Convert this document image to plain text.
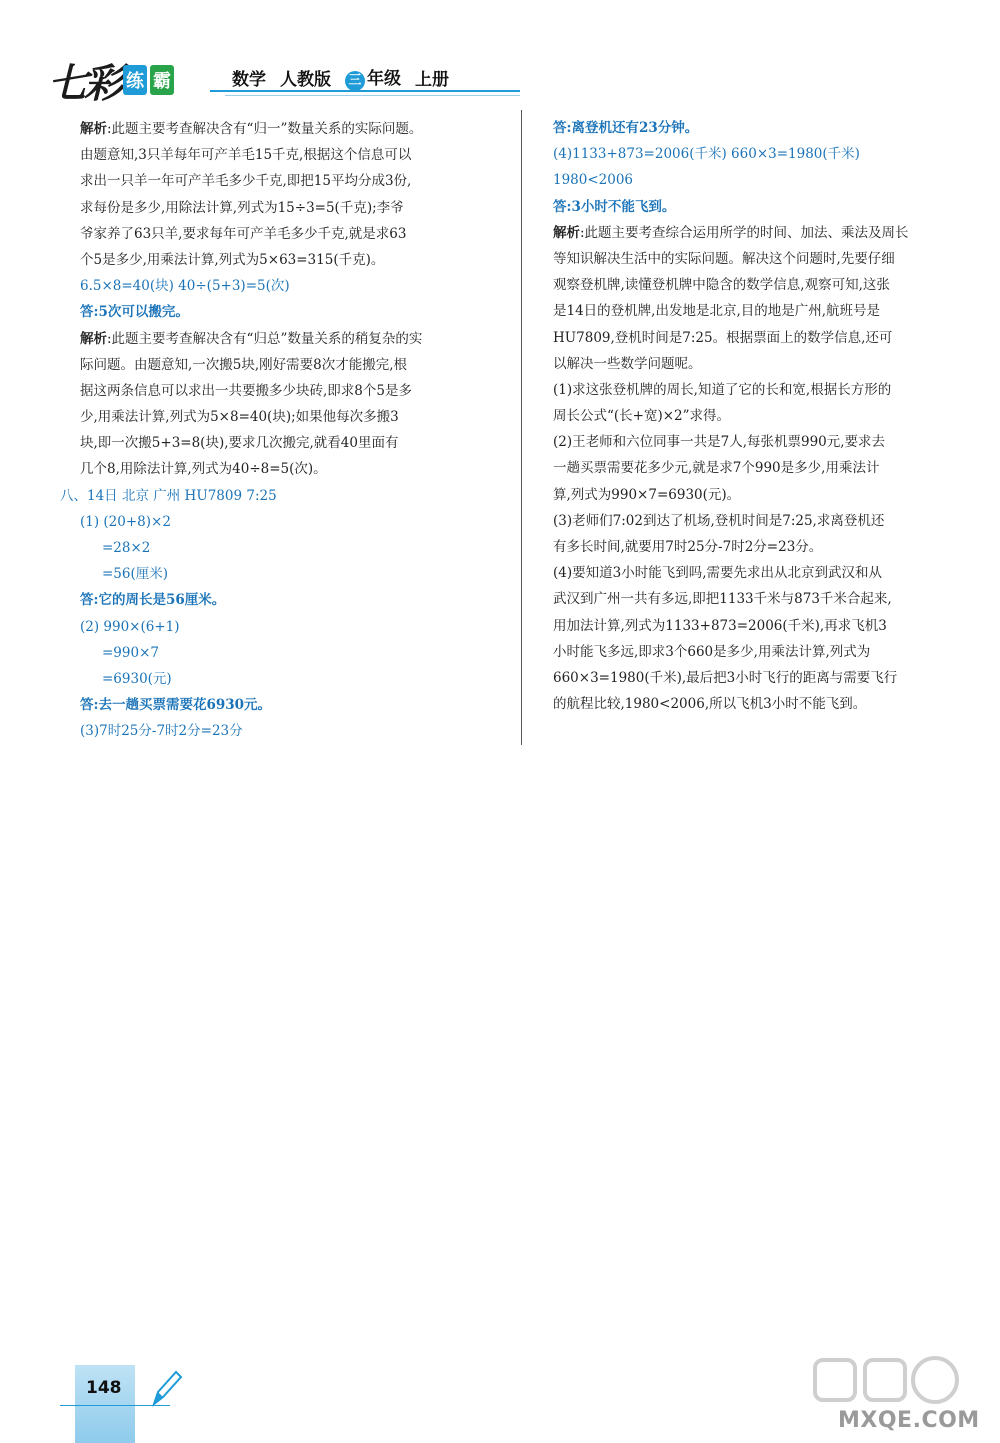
七彩 练 霸	数学 人教版 三 年级 上册
解析:此题主要考查解决含有“归一”数量关系的实际问题。
由题意知,3只羊每年可产羊毛15千克,根据这个信息可以
求出一只羊一年可产羊毛多少千克,即把15平均分成3份,
求每份是多少,用除法计算,列式为15÷3=5(千克);李爷
爷家养了63只羊,要求每年可产羊毛多少千克,就是求63
个5是多少,用乘法计算,列式为5×63=315(千克)。
6.5×8=40(块) 40÷(5+3)=5(次)
答:5次可以搬完。
解析:此题主要考查解决含有“归总”数量关系的稍复杂的实
际问题。由题意知,一次搬5块,刚好需要8次才能搬完,根
据这两条信息可以求出一共要搬多少块砖,即求8个5是多
少,用乘法计算,列式为5×8=40(块);如果他每次多搬3
块,即一次搬5+3=8(块),要求几次搬完,就看40里面有
几个8,用除法计算,列式为40÷8=5(次)。
八、14日 北京 广州 HU7809 7:25
(1) (20+8)×2
=28×2
=56(厘米)
答:它的周长是56厘米。
(2) 990×(6+1)
=990×7
=6930(元)
答:去一趟买票需要花6930元。
(3)7时25分-7时2分=23分
答:离登机还有23分钟。
(4)1133+873=2006(千米) 660×3=1980(千米)
1980<2006
答:3小时不能飞到。
解析:此题主要考查综合运用所学的时间、加法、乘法及周长
等知识解决生活中的实际问题。解决这个问题时,先要仔细
观察登机牌,读懂登机牌中隐含的数学信息,观察可知,这张
是14日的登机牌,出发地是北京,目的地是广州,航班号是
HU7809,登机时间是7:25。根据票面上的数学信息,还可
以解决一些数学问题呢。
(1)求这张登机牌的周长,知道了它的长和宽,根据长方形的
周长公式“(长+宽)×2”求得。
(2)王老师和六位同事一共是7人,每张机票990元,要求去
一趟买票需要花多少元,就是求7个990是多少,用乘法计
算,列式为990×7=6930(元)。
(3)老师们7:02到达了机场,登机时间是7:25,求离登机还
有多长时间,就要用7时25分-7时2分=23分。
(4)要知道3小时能飞到吗,需要先求出从北京到武汉和从
武汉到广州一共有多远,即把1133千米与873千米合起来,
用加法计算,列式为1133+873=2006(千米),再求飞机3
小时能飞多远,即求3个660是多少,用乘法计算,列式为
660×3=1980(千米),最后把3小时飞行的距离与需要飞行
的航程比较,1980<2006,所以飞机3小时不能飞到。
148
MXQE.COM
